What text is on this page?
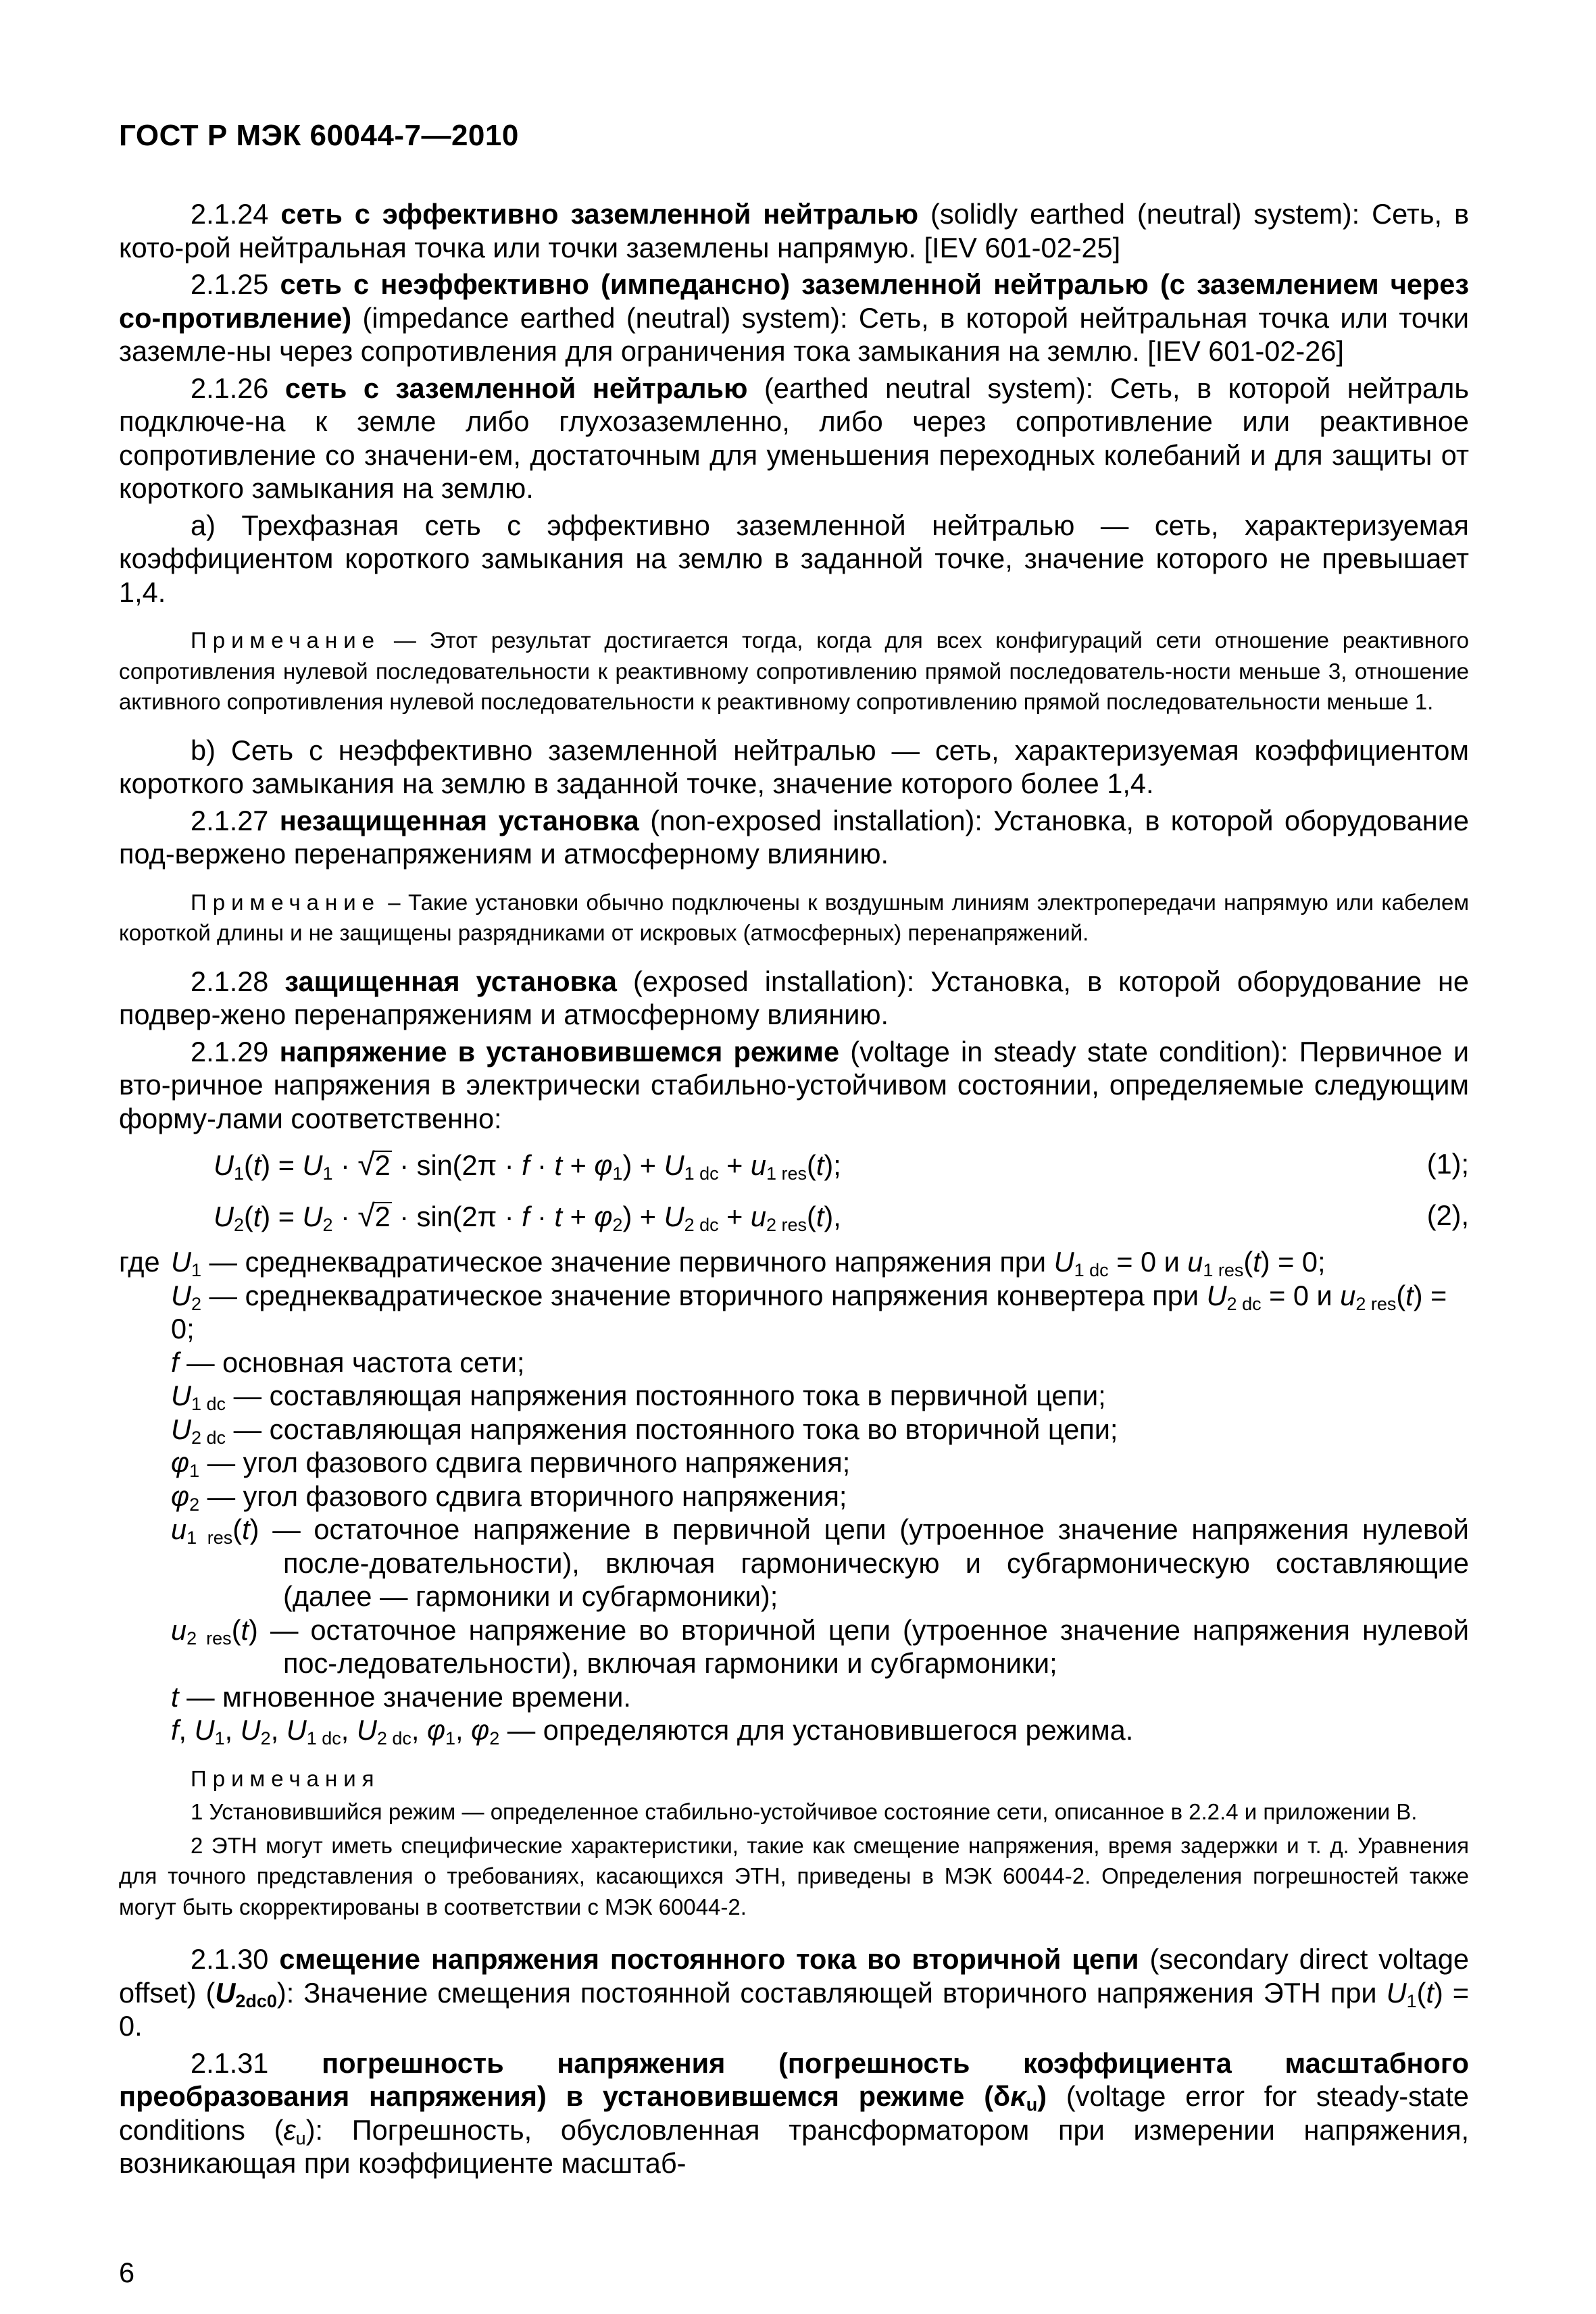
ГОСТ Р МЭК 60044-7—2010

2.1.24 сеть с эффективно заземленной нейтралью (solidly earthed (neutral) system): Сеть, в кото-рой нейтральная точка или точки заземлены напрямую. [IEV 601-02-25]

2.1.25 сеть с неэффективно (импедансно) заземленной нейтралью (с заземлением через со-противление) (impedance earthed (neutral) system): Сеть, в которой нейтральная точка или точки заземле-ны через сопротивления для ограничения тока замыкания на землю. [IEV 601-02-26]

2.1.26 сеть с заземленной нейтралью (earthed neutral system): Сеть, в которой нейтраль подключе-на к земле либо глухозаземленно, либо через сопротивление или реактивное сопротивление со значени-ем, достаточным для уменьшения переходных колебаний и для защиты от короткого замыкания на землю.

a) Трехфазная сеть с эффективно заземленной нейтралью — сеть, характеризуемая коэффициентом короткого замыкания на землю в заданной точке, значение которого не превышает 1,4.

Примечание — Этот результат достигается тогда, когда для всех конфигураций сети отношение реактивного сопротивления нулевой последовательности к реактивному сопротивлению прямой последователь-ности меньше 3, отношение активного сопротивления нулевой последовательности к реактивному сопротивлению прямой последовательности меньше 1.

b) Сеть с неэффективно заземленной нейтралью — сеть, характеризуемая коэффициентом короткого замыкания на землю в заданной точке, значение которого более 1,4.

2.1.27 незащищенная установка (non-exposed installation): Установка, в которой оборудование под-вержено перенапряжениям и атмосферному влиянию.

Примечание – Такие установки обычно подключены к воздушным линиям электропередачи напрямую или кабелем короткой длины и не защищены разрядниками от искровых (атмосферных) перенапряжений.

2.1.28 защищенная установка (exposed installation): Установка, в которой оборудование не подвер-жено перенапряжениям и атмосферному влиянию.

2.1.29 напряжение в установившемся режиме (voltage in steady state condition): Первичное и вто-ричное напряжения в электрически стабильно-устойчивом состоянии, определяемые следующим форму-лами соответственно:

$U_1(t) = U_1 \cdot √2 \cdot \sin(2\pi \cdot f \cdot t + \varphi_1) + U_{1 dc} + u_{1 res}(t)$;	(1);
$U_2(t) = U_2 \cdot √2 \cdot \sin(2\pi \cdot f \cdot t + \varphi_2) + U_{2 dc} + u_{2 res}(t)$,	(2),
где $U_1$ — среднеквадратическое значение первичного напряжения при $U_{1 dc} = 0$ и $u_{1 res}(t) = 0$;
$U_2$ — среднеквадратическое значение вторичного напряжения конвертера при $U_{2 dc} = 0$ и $u_{2 res}(t) = 0$;
f — основная частота сети;
$U_{1 dc}$ — составляющая напряжения постоянного тока в первичной цепи;
$U_{2 dc}$ — составляющая напряжения постоянного тока во вторичной цепи;
$\varphi_1$ — угол фазового сдвига первичного напряжения;
$\varphi_2$ — угол фазового сдвига вторичного напряжения;
$u_{1 res}(t)$ — остаточное напряжение в первичной цепи (утроенное значение напряжения нулевой после-довательности), включая гармоническую и субгармоническую составляющие (далее — гармоники и субгармоники);
$u_{2 res}(t)$ — остаточное напряжение во вторичной цепи (утроенное значение напряжения нулевой пос-ледовательности), включая гармоники и субгармоники;
t — мгновенное значение времени.
f, $U_1$, $U_2$, $U_{1 dc}$, $U_{2 dc}$, $\varphi_1$, $\varphi_2$ — определяются для установившегося режима.

Примечания

1 Установившийся режим — определенное стабильно-устойчивое состояние сети, описанное в 2.2.4 и приложении В.

2 ЭТН могут иметь специфические характеристики, такие как смещение напряжения, время задержки и т. д. Уравнения для точного представления о требованиях, касающихся ЭТН, приведены в МЭК 60044-2. Определения погрешностей также могут быть скорректированы в соответствии с МЭК 60044-2.

2.1.30 смещение напряжения постоянного тока во вторичной цепи (secondary direct voltage offset) $(U_{2dc0})$: Значение смещения постоянной составляющей вторичного напряжения ЭТН при $U_1(t) = 0$.

2.1.31 погрешность напряжения (погрешность коэффициента масштабного преобразования напряжения) в установившемся режиме $(\delta\kappa_u)$ (voltage error for steady-state conditions $(\varepsilon_u)$: Погрешность, обусловленная трансформатором при измерении напряжения, возникающая при коэффициенте масштаб-

6
